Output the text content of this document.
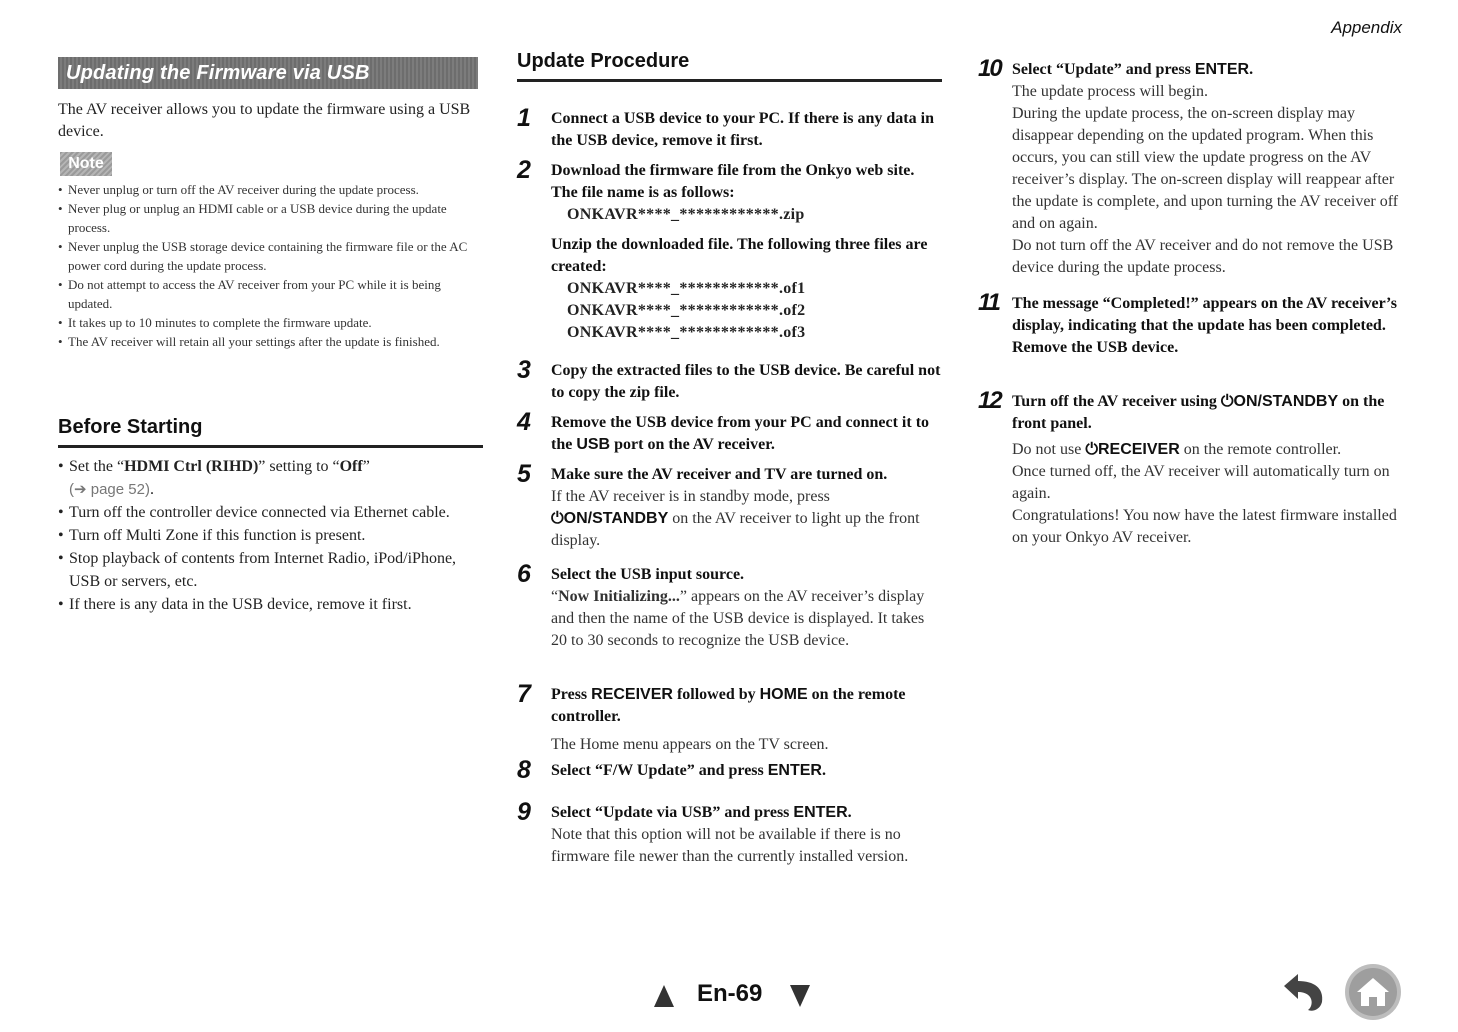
Appendix
Updating the Firmware via USB
The AV receiver allows you to update the firmware using a USB device.
Note
• Never unplug or turn off the AV receiver during the update process.
• Never plug or unplug an HDMI cable or a USB device during the update process.
• Never unplug the USB storage device containing the firmware file or the AC power cord during the update process.
• Do not attempt to access the AV receiver from your PC while it is being updated.
• It takes up to 10 minutes to complete the firmware update.
• The AV receiver will retain all your settings after the update is finished.
Before Starting
• Set the “HDMI Ctrl (RIHD)” setting to “Off”
(➔ page 52).
• Turn off the controller device connected via Ethernet cable.
• Turn off Multi Zone if this function is present.
• Stop playback of contents from Internet Radio, iPod/iPhone, USB or servers, etc.
• If there is any data in the USB device, remove it first.
Update Procedure
1	Connect a USB device to your PC. If there is any data in the USB device, remove it first.
2	Download the firmware file from the Onkyo web site. The file name is as follows:
ONKAVR****_************.zip
Unzip the downloaded file. The following three files are created:
ONKAVR****_************.of1
ONKAVR****_************.of2
ONKAVR****_************.of3
3	Copy the extracted files to the USB device. Be careful not to copy the zip file.
4	Remove the USB device from your PC and connect it to the USB port on the AV receiver.
5	Make sure the AV receiver and TV are turned on.
If the AV receiver is in standby mode, press
⏻ON/STANDBY on the AV receiver to light up the front display.
6	Select the USB input source.
“Now Initializing...” appears on the AV receiver’s display and then the name of the USB device is displayed. It takes 20 to 30 seconds to recognize the USB device.
7	Press RECEIVER followed by HOME on the remote controller.
The Home menu appears on the TV screen.
8	Select “F/W Update” and press ENTER.
9	Select “Update via USB” and press ENTER.
Note that this option will not be available if there is no firmware file newer than the currently installed version.
10 Select “Update” and press ENTER.
The update process will begin.
During the update process, the on-screen display may disappear depending on the updated program. When this occurs, you can still view the update progress on the AV receiver’s display. The on-screen display will reappear after the update is complete, and upon turning the AV receiver off and on again.
Do not turn off the AV receiver and do not remove the USB device during the update process.
11 The message “Completed!” appears on the AV receiver’s display, indicating that the update has been completed.
Remove the USB device.
12 Turn off the AV receiver using ⏻ON/STANDBY on the front panel.
Do not use ⏻RECEIVER on the remote controller.
Once turned off, the AV receiver will automatically turn on again.
Congratulations! You now have the latest firmware installed on your Onkyo AV receiver.
En-69
